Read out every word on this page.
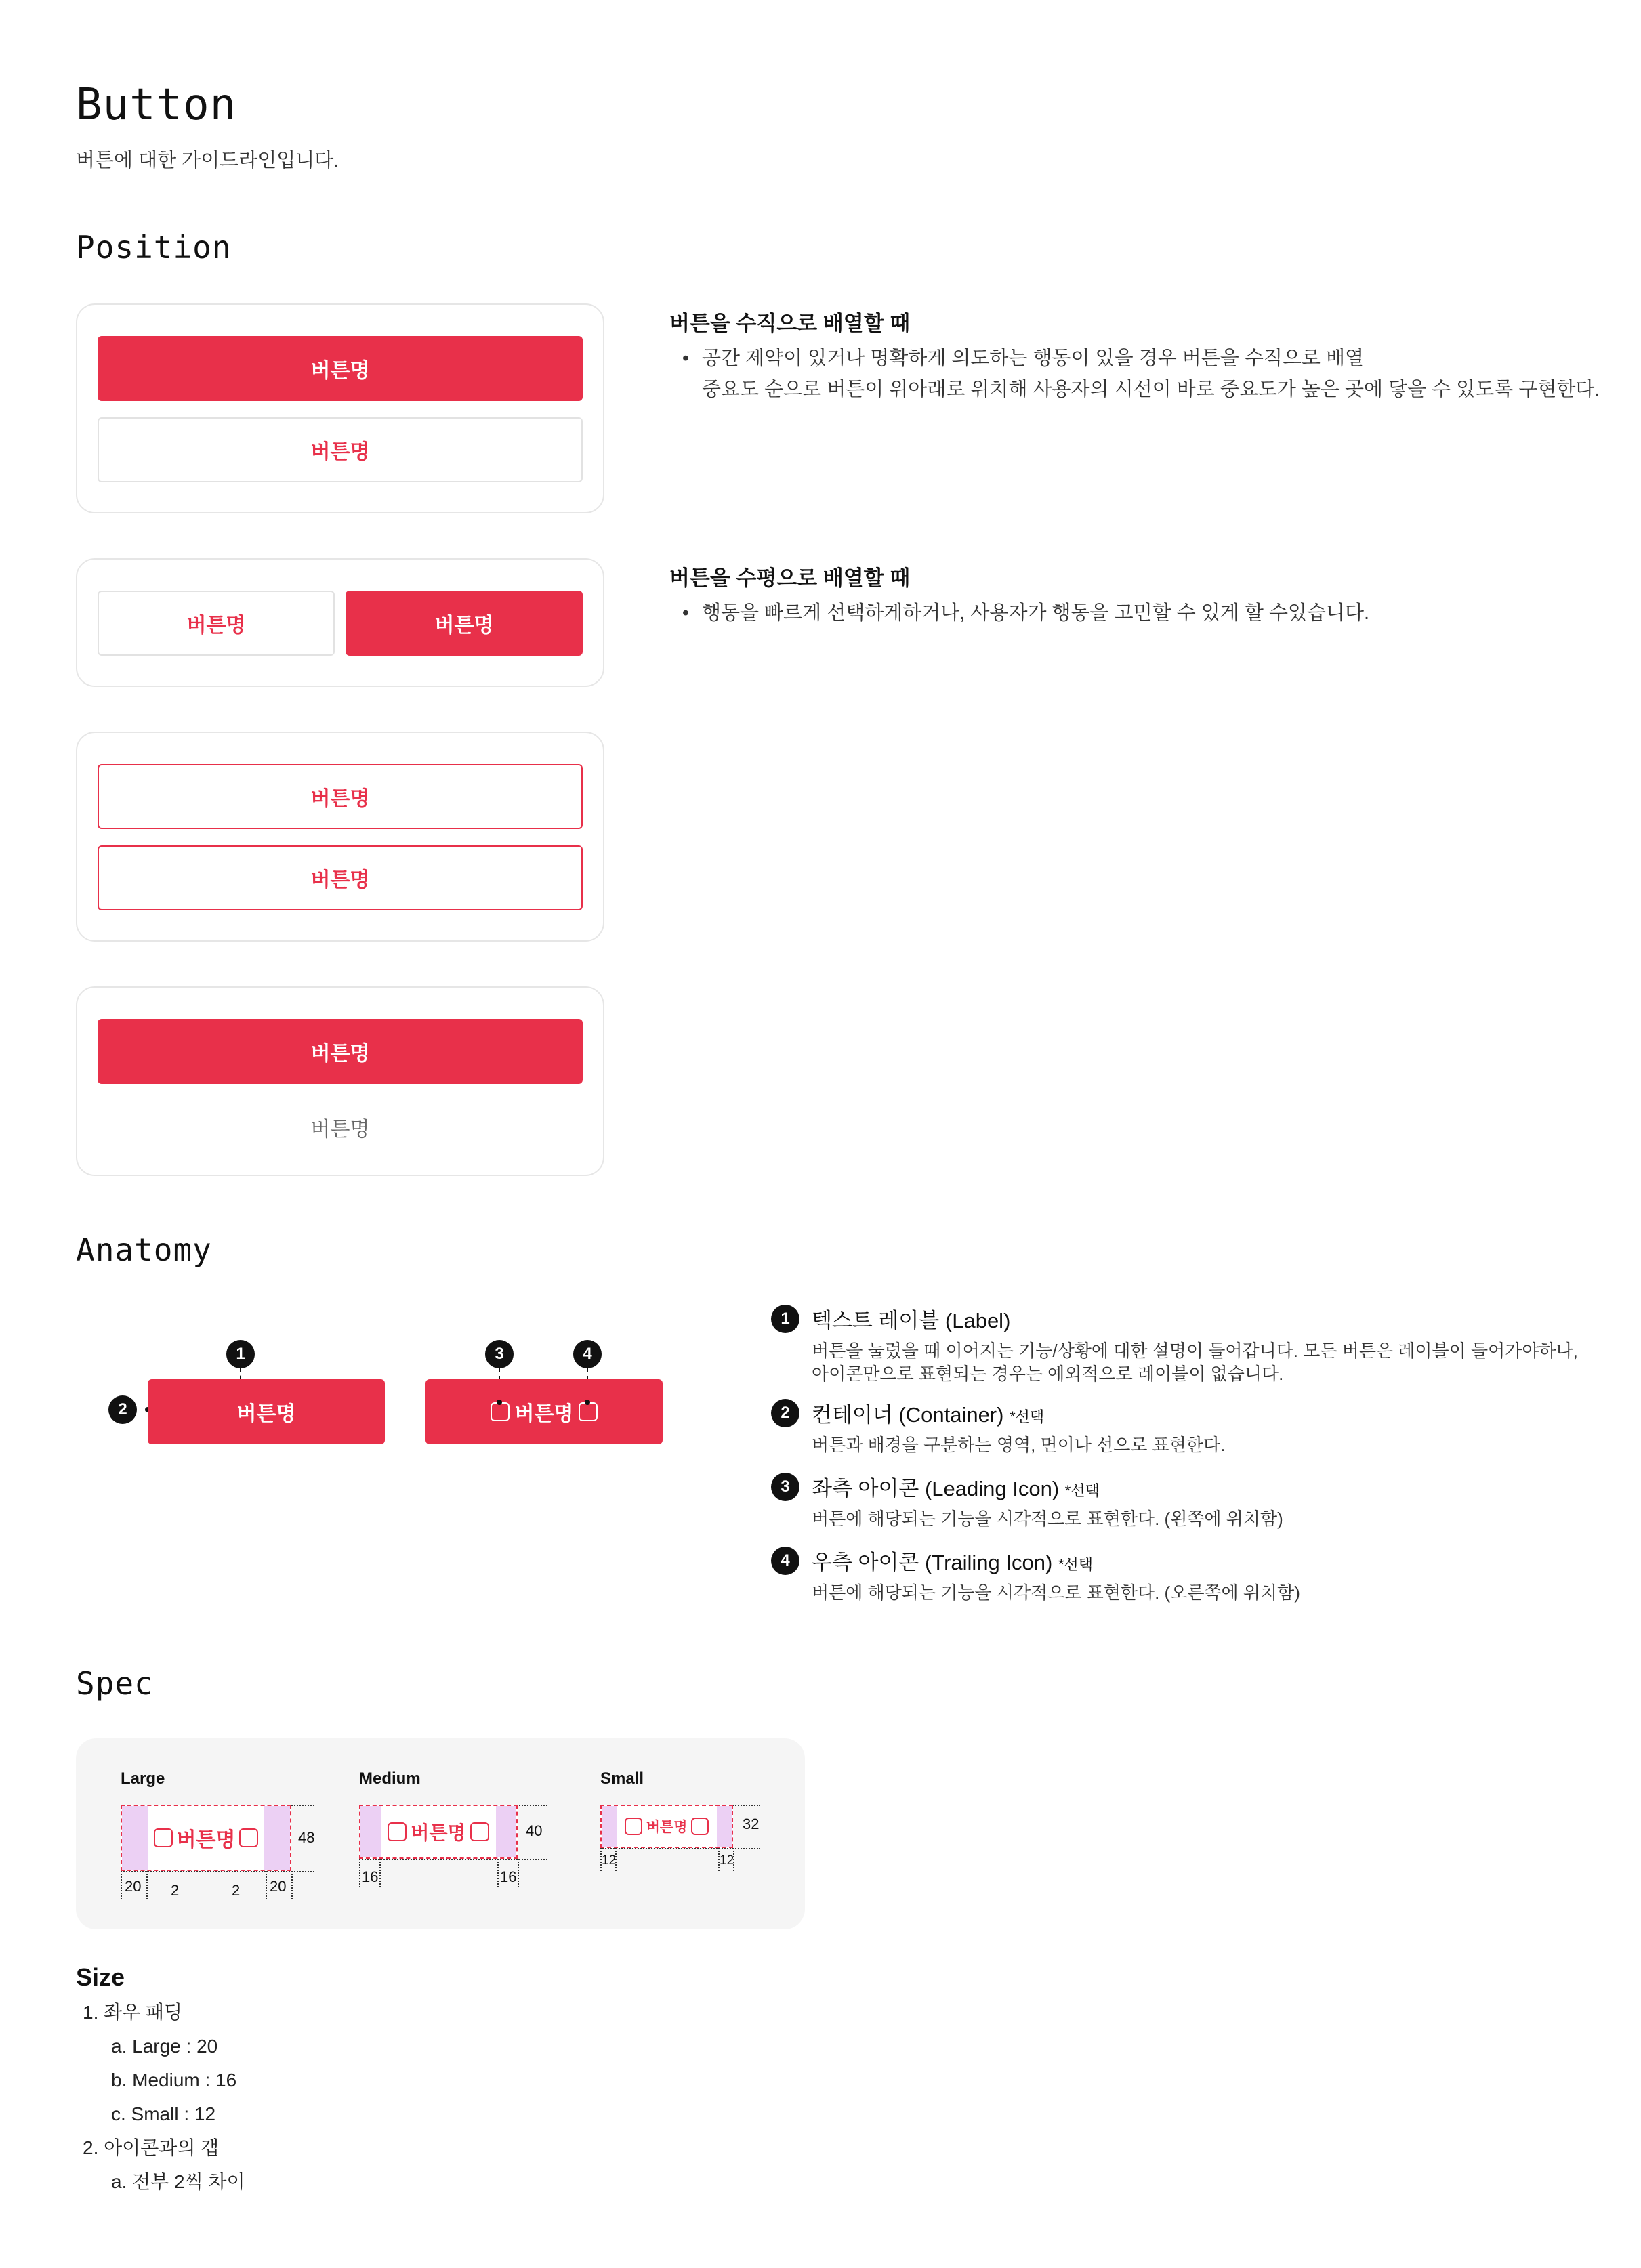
Button
버튼에 대한 가이드라인입니다.
Position
버튼명
버튼명
버튼명	버튼명
버튼명
버튼명
버튼명
버튼명
버튼을 수직으로 배열할 때
• 공간 제약이 있거나 명확하게 의도하는 행동이 있을 경우 버튼을 수직으로 배열
중요도 순으로 버튼이 위아래로 위치해 사용자의 시선이 바로 중요도가 높은 곳에 닿을 수 있도록 구현한다.
버튼을 수평으로 배열할 때
• 행동을 빠르게 선택하게하거나, 사용자가 행동을 고민할 수 있게 할 수있습니다.
Anatomy
1
2	버튼명
3	4
버튼명
1	텍스트 레이블 (Label)
버튼을 눌렀을 때 이어지는 기능/상황에 대한 설명이 들어갑니다. 모든 버튼은 레이블이 들어가야하나,
아이콘만으로 표현되는 경우는 예외적으로 레이블이 없습니다.
2	컨테이너 (Container) *선택
버튼과 배경을 구분하는 영역, 면이나 선으로 표현한다.
3	좌측 아이콘 (Leading Icon) *선택
버튼에 해당되는 기능을 시각적으로 표현한다. (왼쪽에 위치함)
4	우측 아이콘 (Trailing Icon) *선택
버튼에 해당되는 기능을 시각적으로 표현한다. (오른쪽에 위치함)
Spec
Large
버튼명
20 2	2 20
48
Medium
버튼명
16	16
40
Small
버튼명
12	12
32
Size
1. 좌우 패딩
a. Large : 20
b. Medium : 16
c. Small : 12
2. 아이콘과의 갭
a. 전부 2씩 차이
